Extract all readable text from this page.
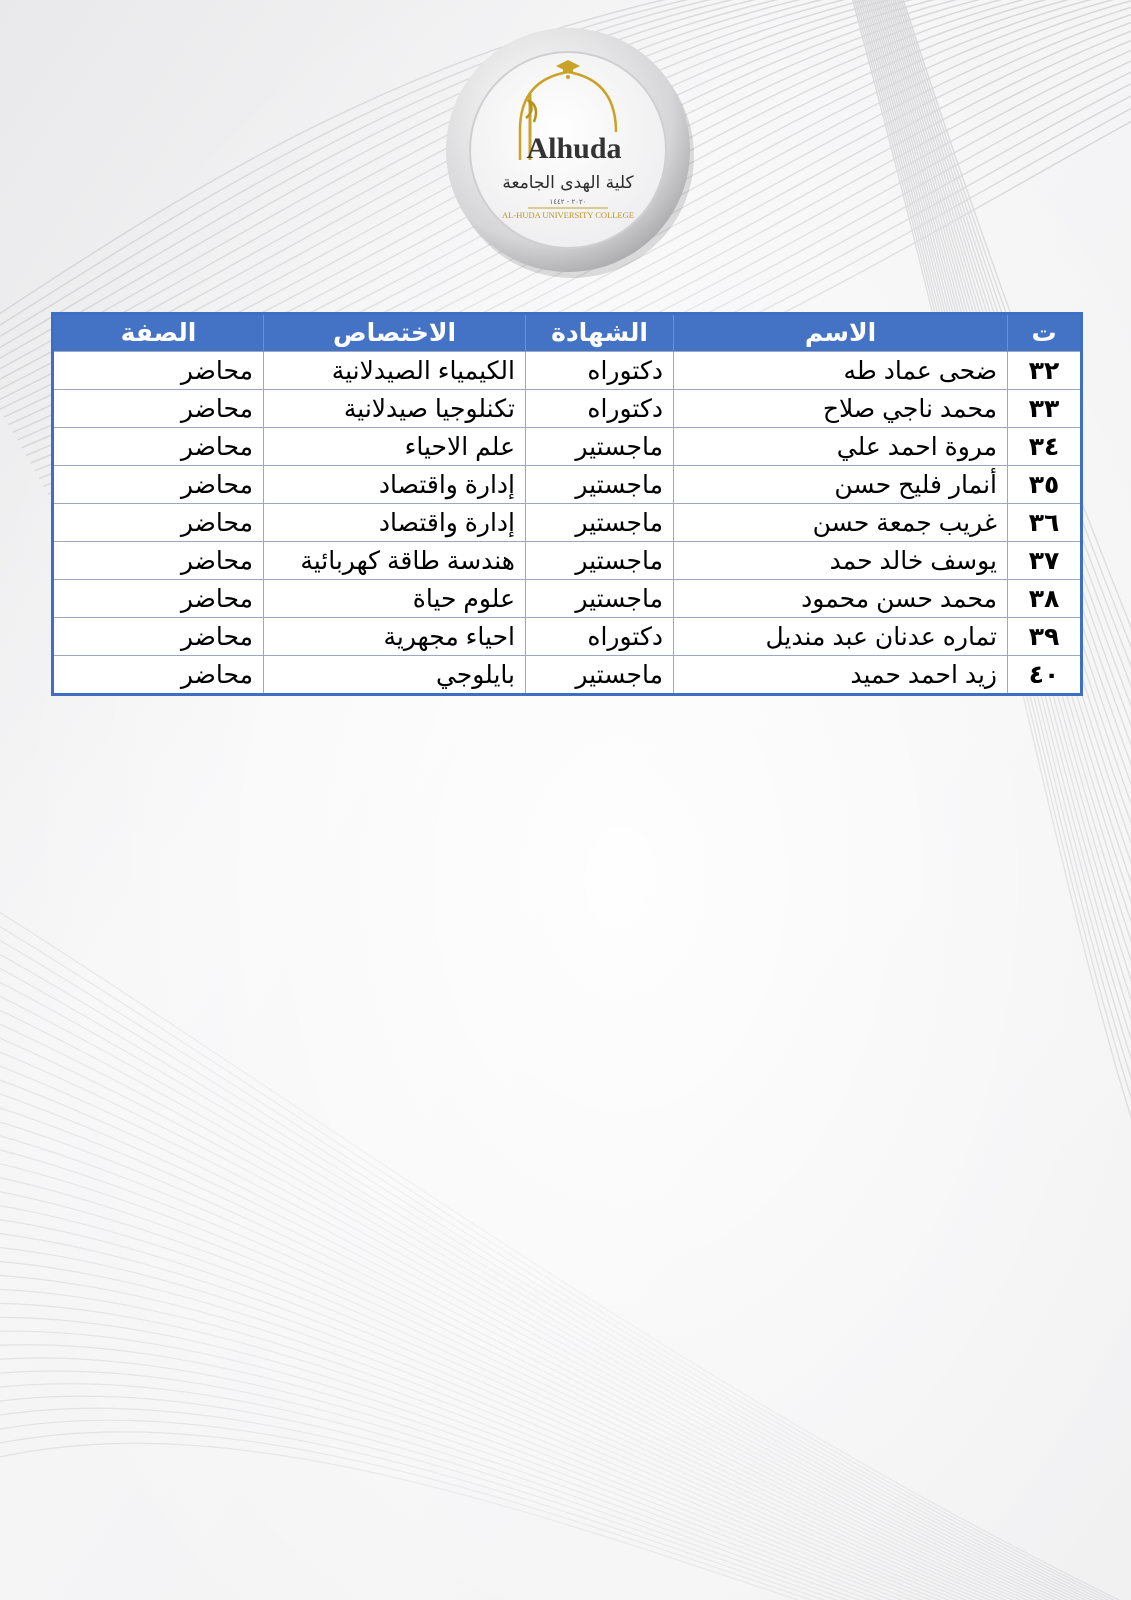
Alhuda
كلية الهدى الجامعة
٢٠٢٠ - ١٤٤٢
AL-HUDA UNIVERSITY COLLEGE
ت	الاسم	الشهادة	الاختصاص	الصفة
٣٢	ضحى عماد طه	دكتوراه	الكيمياء الصيدلانية	محاضر
٣٣	محمد ناجي صلاح	دكتوراه	تكنلوجيا صيدلانية	محاضر
٣٤	مروة احمد علي	ماجستير	علم الاحياء	محاضر
٣٥	أنمار فليح حسن	ماجستير	إدارة واقتصاد	محاضر
٣٦	غريب جمعة حسن	ماجستير	إدارة واقتصاد	محاضر
٣٧	يوسف خالد حمد	ماجستير	هندسة طاقة كهربائية	محاضر
٣٨	محمد حسن محمود	ماجستير	علوم حياة	محاضر
٣٩	تماره عدنان عبد منديل	دكتوراه	احياء مجهرية	محاضر
٤٠	زيد احمد حميد	ماجستير	بايلوجي	محاضر
